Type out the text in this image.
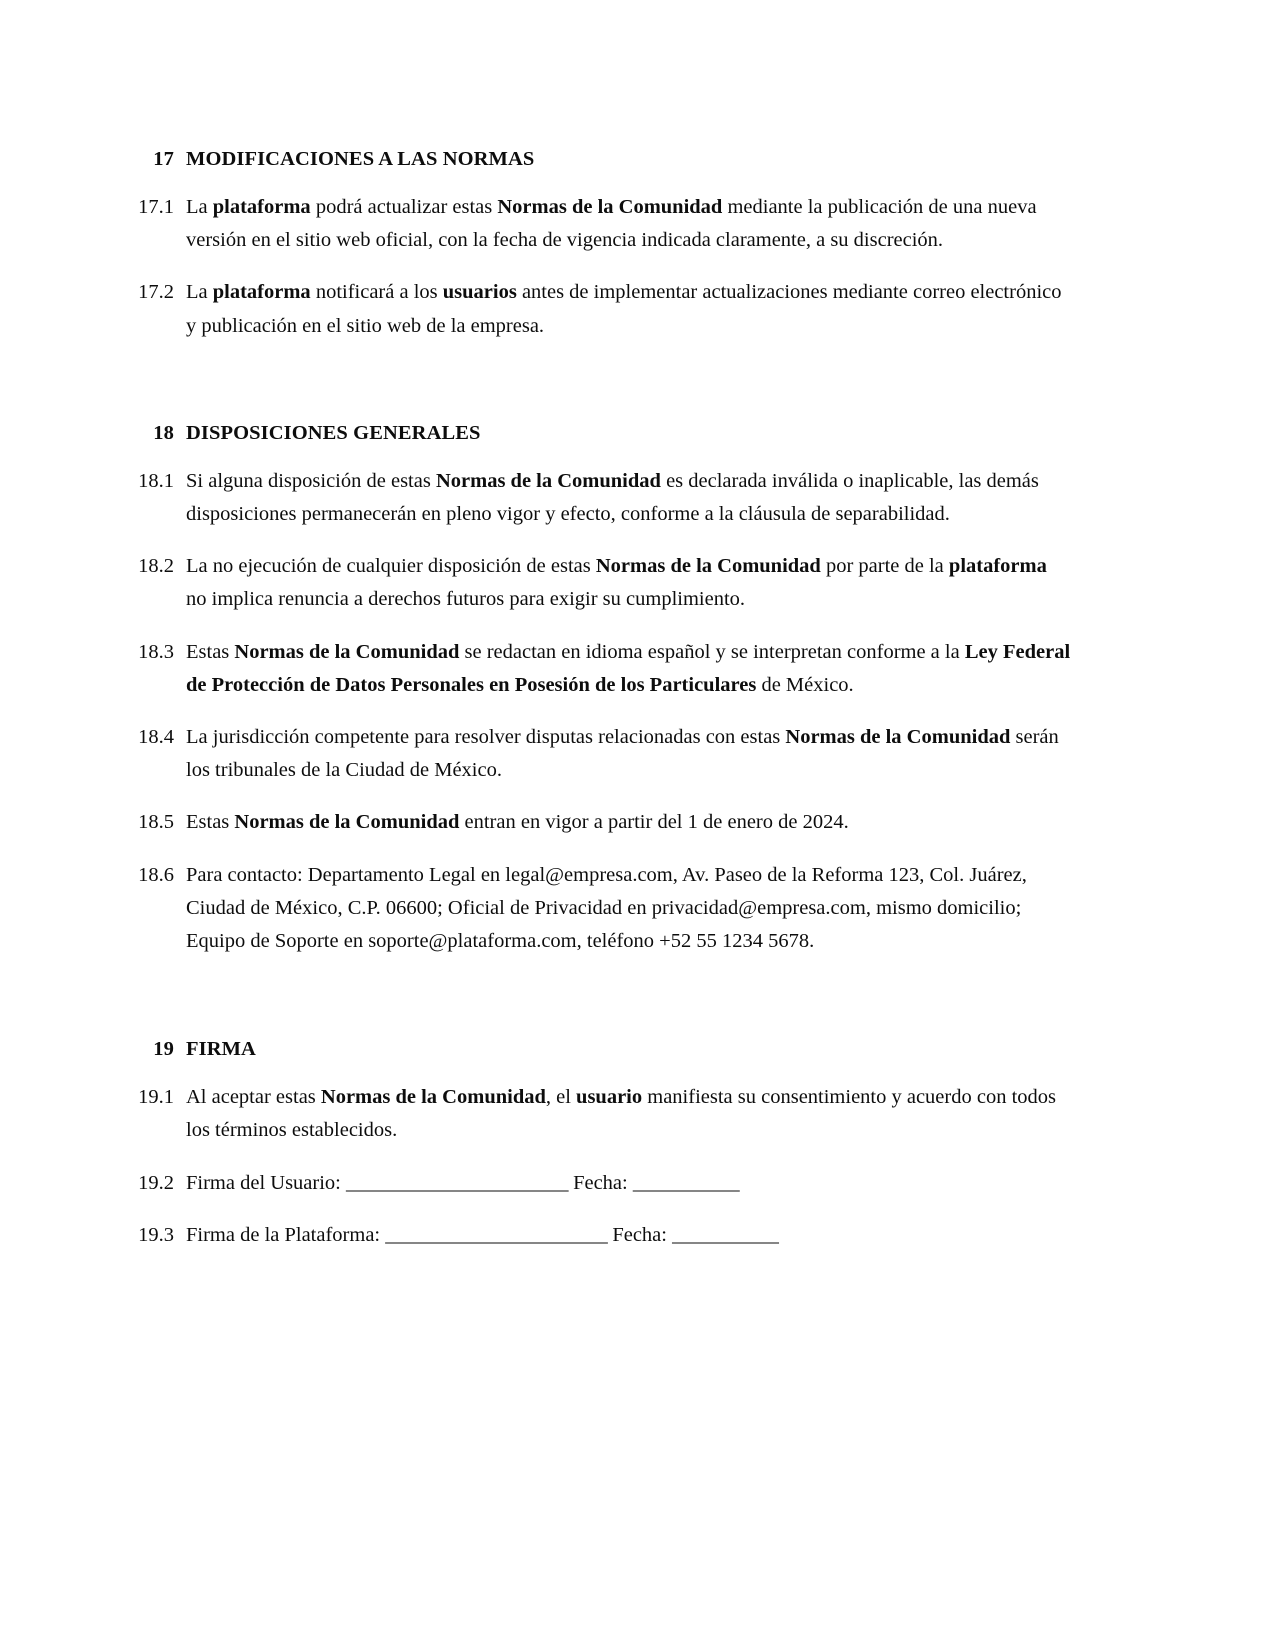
17 MODIFICACIONES A LAS NORMAS
17.1 La plataforma podrá actualizar estas Normas de la Comunidad mediante la publicación de una nueva versión en el sitio web oficial, con la fecha de vigencia indicada claramente, a su discreción.
17.2 La plataforma notificará a los usuarios antes de implementar actualizaciones mediante correo electrónico y publicación en el sitio web de la empresa.
18 DISPOSICIONES GENERALES
18.1 Si alguna disposición de estas Normas de la Comunidad es declarada inválida o inaplicable, las demás disposiciones permanecerán en pleno vigor y efecto, conforme a la cláusula de separabilidad.
18.2 La no ejecución de cualquier disposición de estas Normas de la Comunidad por parte de la plataforma no implica renuncia a derechos futuros para exigir su cumplimiento.
18.3 Estas Normas de la Comunidad se redactan en idioma español y se interpretan conforme a la Ley Federal de Protección de Datos Personales en Posesión de los Particulares de México.
18.4 La jurisdicción competente para resolver disputas relacionadas con estas Normas de la Comunidad serán los tribunales de la Ciudad de México.
18.5 Estas Normas de la Comunidad entran en vigor a partir del 1 de enero de 2024.
18.6 Para contacto: Departamento Legal en legal@empresa.com, Av. Paseo de la Reforma 123, Col. Juárez, Ciudad de México, C.P. 06600; Oficial de Privacidad en privacidad@empresa.com, mismo domicilio; Equipo de Soporte en soporte@plataforma.com, teléfono +52 55 1234 5678.
19 FIRMA
19.1 Al aceptar estas Normas de la Comunidad, el usuario manifiesta su consentimiento y acuerdo con todos los términos establecidos.
19.2 Firma del Usuario: _______________________ Fecha: ___________
19.3 Firma de la Plataforma: _______________________ Fecha: ___________
